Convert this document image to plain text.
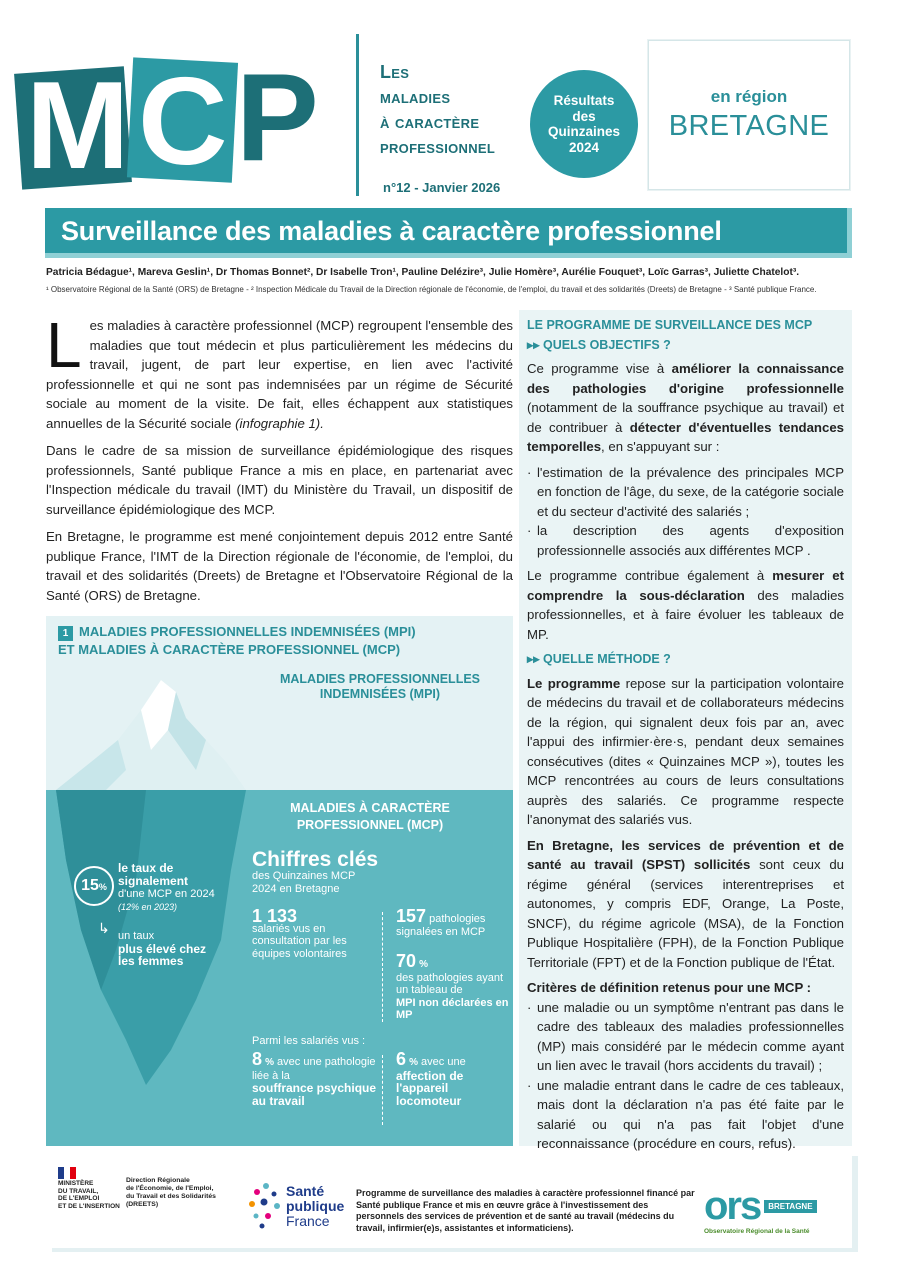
M C P	Les
maladies
à caractère
professionnel
n°12 - Janvier 2026
Résultats
des
Quinzaines
2024
en région
BRETAGNE
Surveillance des maladies à caractère professionnel
Patricia Bédague¹, Mareva Geslin¹, Dr Thomas Bonnet², Dr Isabelle Tron¹, Pauline Delézire³, Julie Homère³, Aurélie Fouquet³, Loïc Garras³, Juliette Chatelot³.
¹ Observatoire Régional de la Santé (ORS) de Bretagne - ² Inspection Médicale du Travail de la Direction régionale de l'économie, de l'emploi, du travail et des solidarités (Dreets) de Bretagne - ³ Santé publique France.

Les maladies à caractère professionnel (MCP) regroupent l'ensemble des maladies que tout médecin et plus particulièrement les médecins du travail, jugent, de part leur expertise, en lien avec l'activité professionnelle et qui ne sont pas indemnisées par un régime de Sécurité sociale au moment de la visite. De fait, elles échappent aux statistiques annuelles de la Sécurité sociale (infographie 1).

Dans le cadre de sa mission de surveillance épidémiologique des risques professionnels, Santé publique France a mis en place, en partenariat avec l'Inspection médicale du travail (IMT) du Ministère du Travail, un dispositif de surveillance épidémiologique des MCP.

En Bretagne, le programme est mené conjointement depuis 2012 entre Santé publique France, l'IMT de la Direction régionale de l'économie, de l'emploi, du travail et des solidarités (Dreets) de Bretagne et l'Observatoire Régional de la Santé (ORS) de Bretagne.

LE PROGRAMME DE SURVEILLANCE DES MCP
▸▸ QUELS OBJECTIFS ?
Ce programme vise à améliorer la connaissance des pathologies d'origine professionnelle (notamment de la souffrance psychique au travail) et de contribuer à détecter d'éventuelles tendances temporelles, en s'appuyant sur :
· l'estimation de la prévalence des principales MCP en fonction de l'âge, du sexe, de la catégorie sociale et du secteur d'activité des salariés ;
· la description des agents d'exposition professionnelle associés aux différentes MCP .
Le programme contribue également à mesurer et comprendre la sous-déclaration des maladies professionnelles, et à faire évoluer les tableaux de MP.
▸▸ QUELLE MÉTHODE ?
Le programme repose sur la participation volontaire de médecins du travail et de collaborateurs médecins de la région, qui signalent deux fois par an, avec l'appui des infirmier·ère·s, pendant deux semaines consécutives (dites « Quinzaines MCP »), toutes les MCP rencontrées au cours de leurs consultations auprès des salariés. Ce programme respecte l'anonymat des salariés vus.
En Bretagne, les services de prévention et de santé au travail (SPST) sollicités sont ceux du régime général (services interentreprises et autonomes, y compris EDF, Orange, La Poste, SNCF), du régime agricole (MSA), de la Fonction Publique Hospitalière (FPH), de la Fonction Publique Territoriale (FPT) et de la Fonction publique de l'État.
Critères de définition retenus pour une MCP :
· une maladie ou un symptôme n'entrant pas dans le cadre des tableaux des maladies professionnelles (MP) mais considéré par le médecin comme ayant un lien avec le travail (hors accidents du travail) ;
· une maladie entrant dans le cadre de ces tableaux, mais dont la déclaration n'a pas été faite par le salarié ou qui n'a pas fait l'objet d'une reconnaissance (procédure en cours, refus).
1 MALADIES PROFESSIONNELLES INDEMNISÉES (MPI)
ET MALADIES À CARACTÈRE PROFESSIONNEL (MCP)
MALADIES PROFESSIONNELLES INDEMNISÉES (MPI)
MALADIES À CARACTÈRE PROFESSIONNEL (MCP)
15%
le taux de signalement
d'une MCP en 2024 (12% en 2023)
↳ un taux
plus élevé chez
les femmes
Chiffres clés
des Quinzaines MCP
2024 en Bretagne
1 133
salariés vus en consultation par les équipes volontaires
157 pathologies signalées en MCP
70 %
des pathologies ayant un tableau de
MPI non déclarées en MP
Parmi les salariés vus :
8 % avec une pathologie liée à la
souffrance psychique au travail
6 % avec une
affection de l'appareil locomoteur
MINISTÈRE
DU TRAVAIL,
DE L'EMPLOI
ET DE L'INSERTION
Direction Régionale
de l'Économie, de l'Emploi,
du Travail et des Solidarités
(DREETS)
Santé
publique
France
Programme de surveillance des maladies à caractère professionnel financé par Santé publique France et mis en œuvre grâce à l'investissement des personnels des services de prévention et de santé au travail (médecins du travail, infirmier(e)s, assistantes et informaticiens).	ors	BRETAGNE
Observatoire Régional de la Santé
